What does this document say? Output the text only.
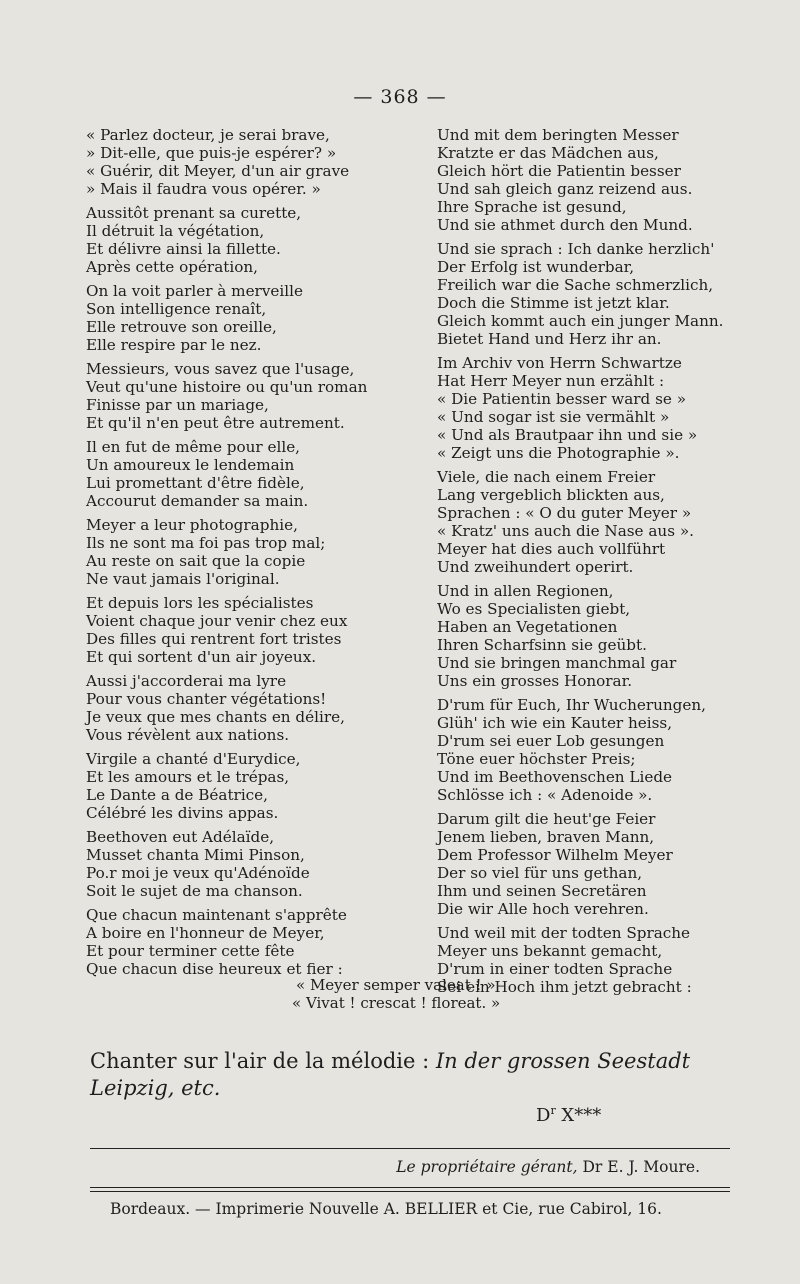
— 368 —
« Parlez docteur, je serai brave,
» Dit-elle, que puis-je espérer? »
« Guérir, dit Meyer, d'un air grave
» Mais il faudra vous opérer. »
Aussitôt prenant sa curette,
Il détruit la végétation,
Et délivre ainsi la fillette.
Après cette opération,
On la voit parler à merveille
Son intelligence renaît,
Elle retrouve son oreille,
Elle respire par le nez.
Messieurs, vous savez que l'usage,
Veut qu'une histoire ou qu'un roman
Finisse par un mariage,
Et qu'il n'en peut être autrement.
Il en fut de même pour elle,
Un amoureux le lendemain
Lui promettant d'être fidèle,
Accourut demander sa main.
Meyer a leur photographie,
Ils ne sont ma foi pas trop mal;
Au reste on sait que la copie
Ne vaut jamais l'original.
Et depuis lors les spécialistes
Voient chaque jour venir chez eux
Des filles qui rentrent fort tristes
Et qui sortent d'un air joyeux.
Aussi j'accorderai ma lyre
Pour vous chanter végétations!
Je veux que mes chants en délire,
Vous révèlent aux nations.
Virgile a chanté d'Eurydice,
Et les amours et le trépas,
Le Dante a de Béatrice,
Célébré les divins appas.
Beethoven eut Adélaïde,
Musset chanta Mimi Pinson,
Po.r moi je veux qu'Adénoïde
Soit le sujet de ma chanson.
Que chacun maintenant s'apprête
A boire en l'honneur de Meyer,
Et pour terminer cette fête
Que chacun dise heureux et fier :
Und mit dem beringten Messer
Kratzte er das Mädchen aus,
Gleich hört die Patientin besser
Und sah gleich ganz reizend aus.
Ihre Sprache ist gesund,
Und sie athmet durch den Mund.
Und sie sprach : Ich danke herzlich'
Der Erfolg ist wunderbar,
Freilich war die Sache schmerzlich,
Doch die Stimme ist jetzt klar.
Gleich kommt auch ein junger Mann.
Bietet Hand und Herz ihr an.
Im Archiv von Herrn Schwartze
Hat Herr Meyer nun erzählt :
« Die Patientin besser ward se »
« Und sogar ist sie vermählt »
« Und als Brautpaar ihn und sie »
« Zeigt uns die Photographie ».
Viele, die nach einem Freier
Lang vergeblich blickten aus,
Sprachen : « O du guter Meyer »
« Kratz' uns auch die Nase aus ».
Meyer hat dies auch vollführt
Und zweihundert operirt.
Und in allen Regionen,
Wo es Specialisten giebt,
Haben an Vegetationen
Ihren Scharfsinn sie geübt.
Und sie bringen manchmal gar
Uns ein grosses Honorar.
D'rum für Euch, Ihr Wucherungen,
Glüh' ich wie ein Kauter heiss,
D'rum sei euer Lob gesungen
Töne euer höchster Preis;
Und im Beethovenschen Liede
Schlösse ich : « Adenoide ».
Darum gilt die heut'ge Feier
Jenem lieben, braven Mann,
Dem Professor Wilhelm Meyer
Der so viel für uns gethan,
Ihm und seinen Secretären
Die wir Alle hoch verehren.
Und weil mit der todten Sprache
Meyer uns bekannt gemacht,
D'rum in einer todten Sprache
Sei ein Hoch ihm jetzt gebracht :
« Meyer semper valeat ! »
« Vivat ! crescat ! floreat. »
Chanter sur l'air de la mélodie : In der grossen Seestadt Leipzig, etc.
$D^r$ X***
Le propriétaire gérant, Dr E. J. Moure.
Bordeaux. — Imprimerie Nouvelle A. BELLIER et Cie, rue Cabirol, 16.
